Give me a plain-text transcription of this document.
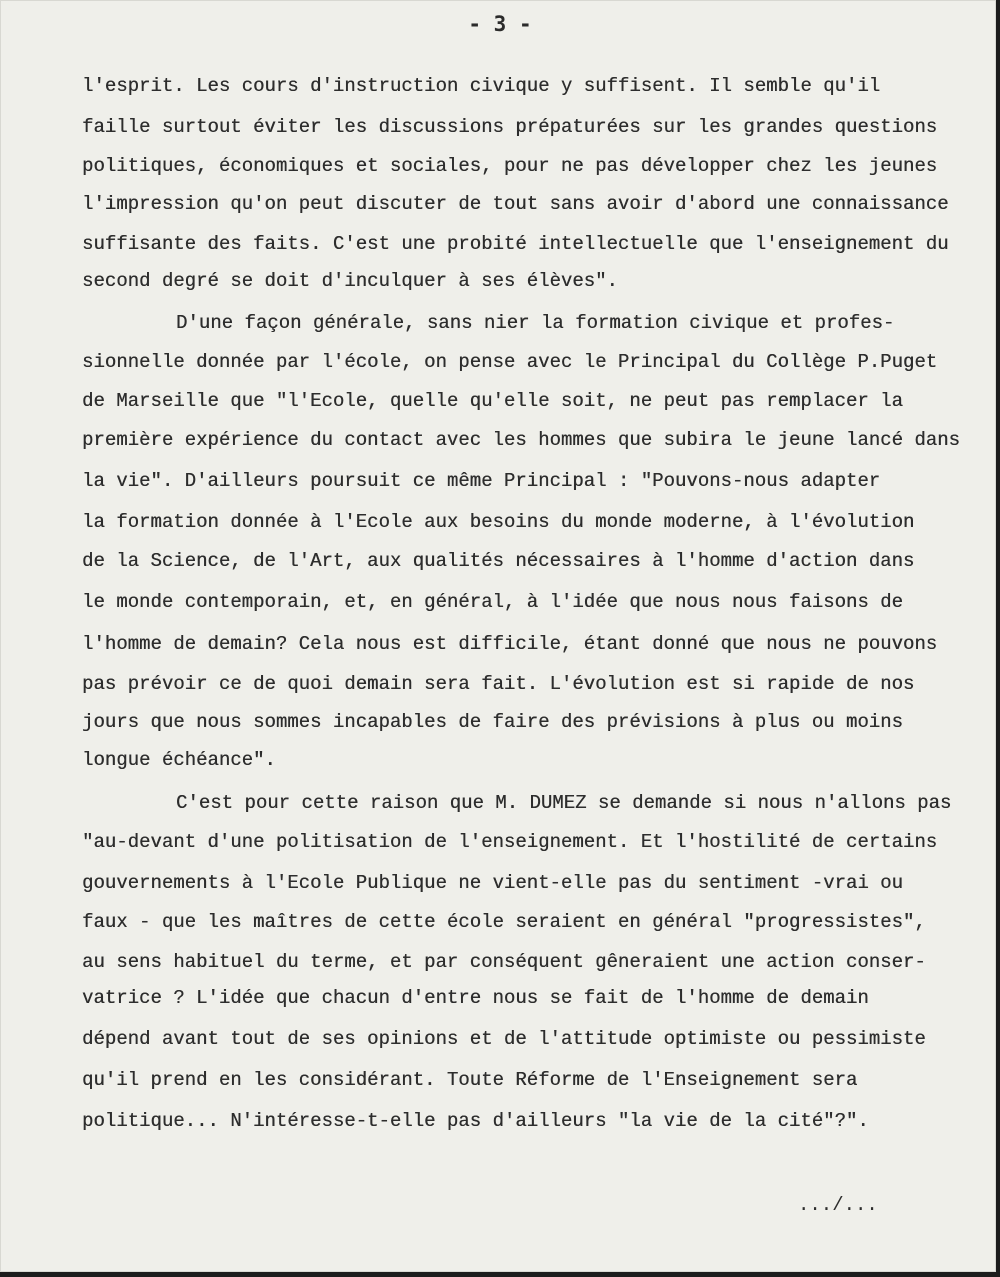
- 3 -
l'esprit. Les cours d'instruction civique y suffisent. Il semble qu'il
faille surtout éviter les discussions prépaturées sur les grandes questions
politiques, économiques et sociales, pour ne pas développer chez les jeunes
l'impression qu'on peut discuter de tout sans avoir d'abord une connaissance
suffisante des faits. C'est une probité intellectuelle que l'enseignement du
second degré se doit d'inculquer à ses élèves".
D'une façon générale, sans nier la formation civique et profes-
sionnelle donnée par l'école, on pense avec le Principal du Collège P.Puget
de Marseille que "l'Ecole, quelle qu'elle soit, ne peut pas remplacer la
première expérience du contact avec les hommes que subira le jeune lancé dans
la vie". D'ailleurs poursuit ce même Principal : "Pouvons-nous adapter
la formation donnée à l'Ecole aux besoins du monde moderne, à l'évolution
de la Science, de l'Art, aux qualités nécessaires à l'homme d'action dans
le monde contemporain, et, en général, à l'idée que nous nous faisons de
l'homme de demain? Cela nous est difficile, étant donné que nous ne pouvons
pas prévoir ce de quoi demain sera fait. L'évolution est si rapide de nos
jours que nous sommes incapables de faire des prévisions à plus ou moins
longue échéance".
C'est pour cette raison que M. DUMEZ se demande si nous n'allons pas
"au-devant d'une politisation de l'enseignement. Et l'hostilité de certains
gouvernements à l'Ecole Publique ne vient-elle pas du sentiment -vrai ou
faux - que les maîtres de cette école seraient en général "progressistes",
au sens habituel du terme, et par conséquent gêneraient une action conser-
vatrice ? L'idée que chacun d'entre nous se fait de l'homme de demain
dépend avant tout de ses opinions et de l'attitude optimiste ou pessimiste
qu'il prend en les considérant. Toute Réforme de l'Enseignement sera
politique... N'intéresse-t-elle pas d'ailleurs "la vie de la cité"?".
.../...
